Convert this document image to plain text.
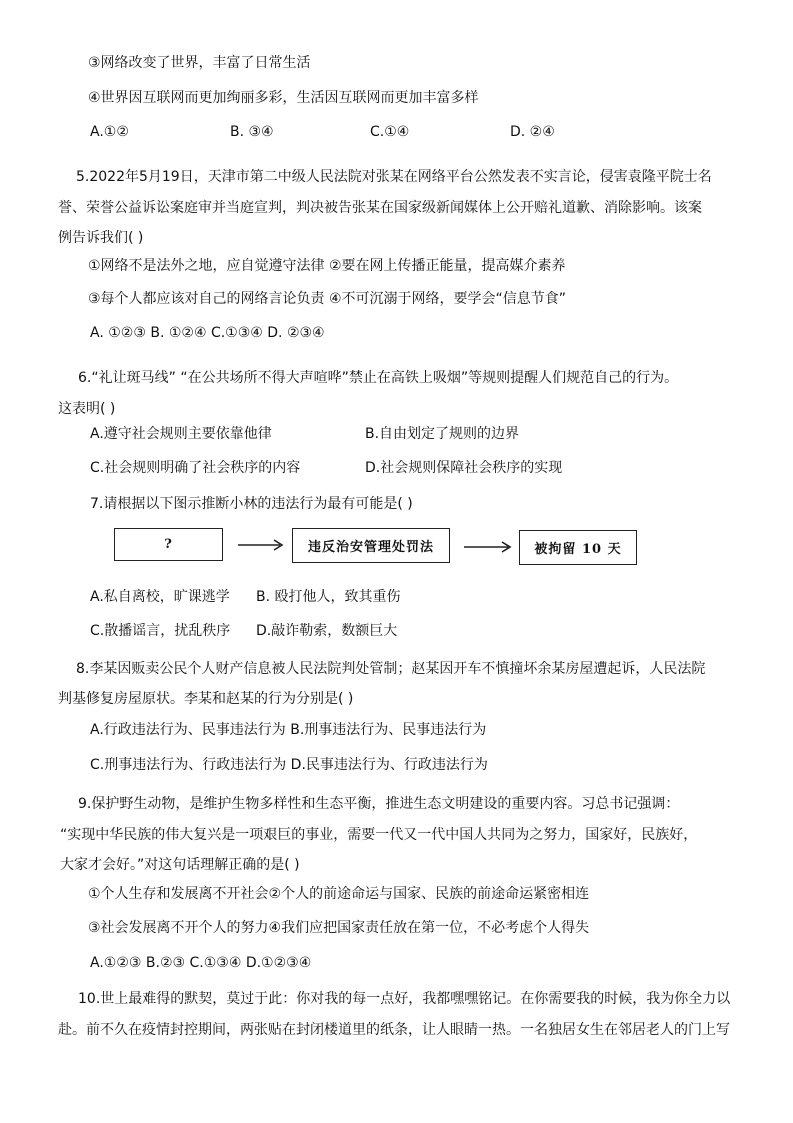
③网络改变了世界，丰富了日常生活
④世界因互联网而更加绚丽多彩，生活因互联网而更加丰富多样
A.①②	B. ③④	C.①④	D. ②④
5.2022年5月19日，天津市第二中级人民法院对张某在网络平台公然发表不实言论，侵害袁隆平院士名
誉、荣誉公益诉讼案庭审并当庭宣判，判决被告张某在国家级新闻媒体上公开赔礼道歉、消除影响。该案
例告诉我们( )
①网络不是法外之地，应自觉遵守法律 ②要在网上传播正能量，提高媒介素养
③每个人都应该对自己的网络言论负责 ④不可沉溺于网络，要学会“信息节食”
A. ①②③ B. ①②④ C.①③④ D. ②③④
6.“礼让斑马线” “在公共场所不得大声喧哗”禁止在高铁上吸烟”等规则提醒人们规范自己的行为。
这表明( )
A.遵守社会规则主要依靠他律	B.自由划定了规则的边界
C.社会规则明确了社会秩序的内容	D.社会规则保障社会秩序的实现
7.请根据以下图示推断小林的违法行为最有可能是( )
?	违反治安管理处罚法	被拘留 10 天
A.私自离校，旷课逃学 B. 殴打他人，致其重伤
C.散播谣言，扰乱秩序 D.敲诈勒索，数额巨大
8.李某因贩卖公民个人财产信息被人民法院判处管制；赵某因开车不慎撞坏余某房屋遭起诉，人民法院
判基修复房屋原状。李某和赵某的行为分别是( )
A.行政违法行为、民事违法行为 B.刑事违法行为、民事违法行为
C.刑事违法行为、行政违法行为 D.民事违法行为、行政违法行为
9.保护野生动物，是维护生物多样性和生态平衡，推进生态文明建设的重要内容。习总书记强调：
“实现中华民族的伟大复兴是一项艰巨的事业，需要一代又一代中国人共同为之努力，国家好，民族好，
大家才会好。”对这句话理解正确的是( )
①个人生存和发展离不开社会②个人的前途命运与国家、民族的前途命运紧密相连
③社会发展离不开个人的努力④我们应把国家责任放在第一位，不必考虑个人得失
A.①②③ B.②③ C.①③④ D.①②③④
10.世上最难得的默契，莫过于此：你对我的每一点好，我都嘿嘿铭记。在你需要我的时候，我为你全力以
赴。前不久在疫情封控期间，两张贴在封闭楼道里的纸条，让人眼睛一热。一名独居女生在邻居老人的门上写
